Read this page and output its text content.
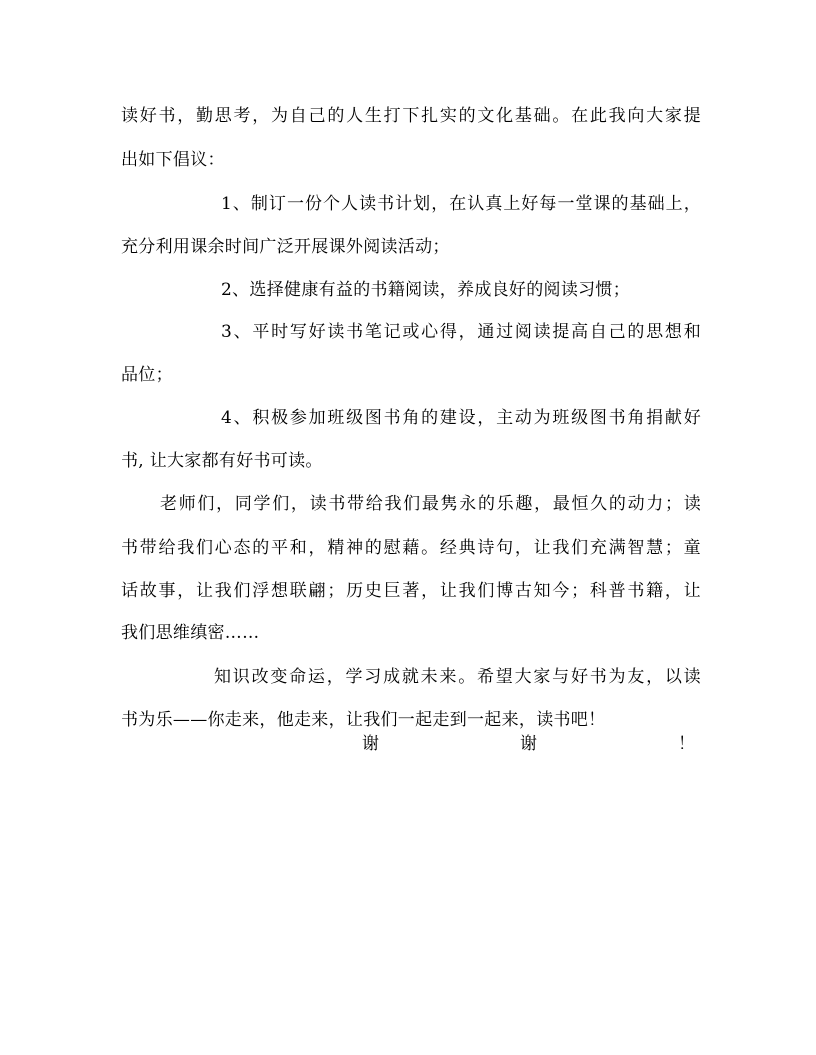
读好书，勤思考，为自己的人生打下扎实的文化基础。在此我向大家提
出如下倡议：
1、制订一份个人读书计划，在认真上好每一堂课的基础上，
充分利用课余时间广泛开展课外阅读活动；
2、选择健康有益的书籍阅读，养成良好的阅读习惯；
3、平时写好读书笔记或心得，通过阅读提高自己的思想和
品位；
4、积极参加班级图书角的建设，主动为班级图书角捐献好
书, 让大家都有好书可读。
老师们，同学们，读书带给我们最隽永的乐趣，最恒久的动力；读
书带给我们心态的平和，精神的慰藉。经典诗句，让我们充满智慧；童
话故事，让我们浮想联翩；历史巨著，让我们博古知今；科普书籍，让
我们思维缜密……
知识改变命运，学习成就未来。希望大家与好书为友，以读
书为乐——你走来，他走来，让我们一起走到一起来，读书吧！
谢	谢	！
